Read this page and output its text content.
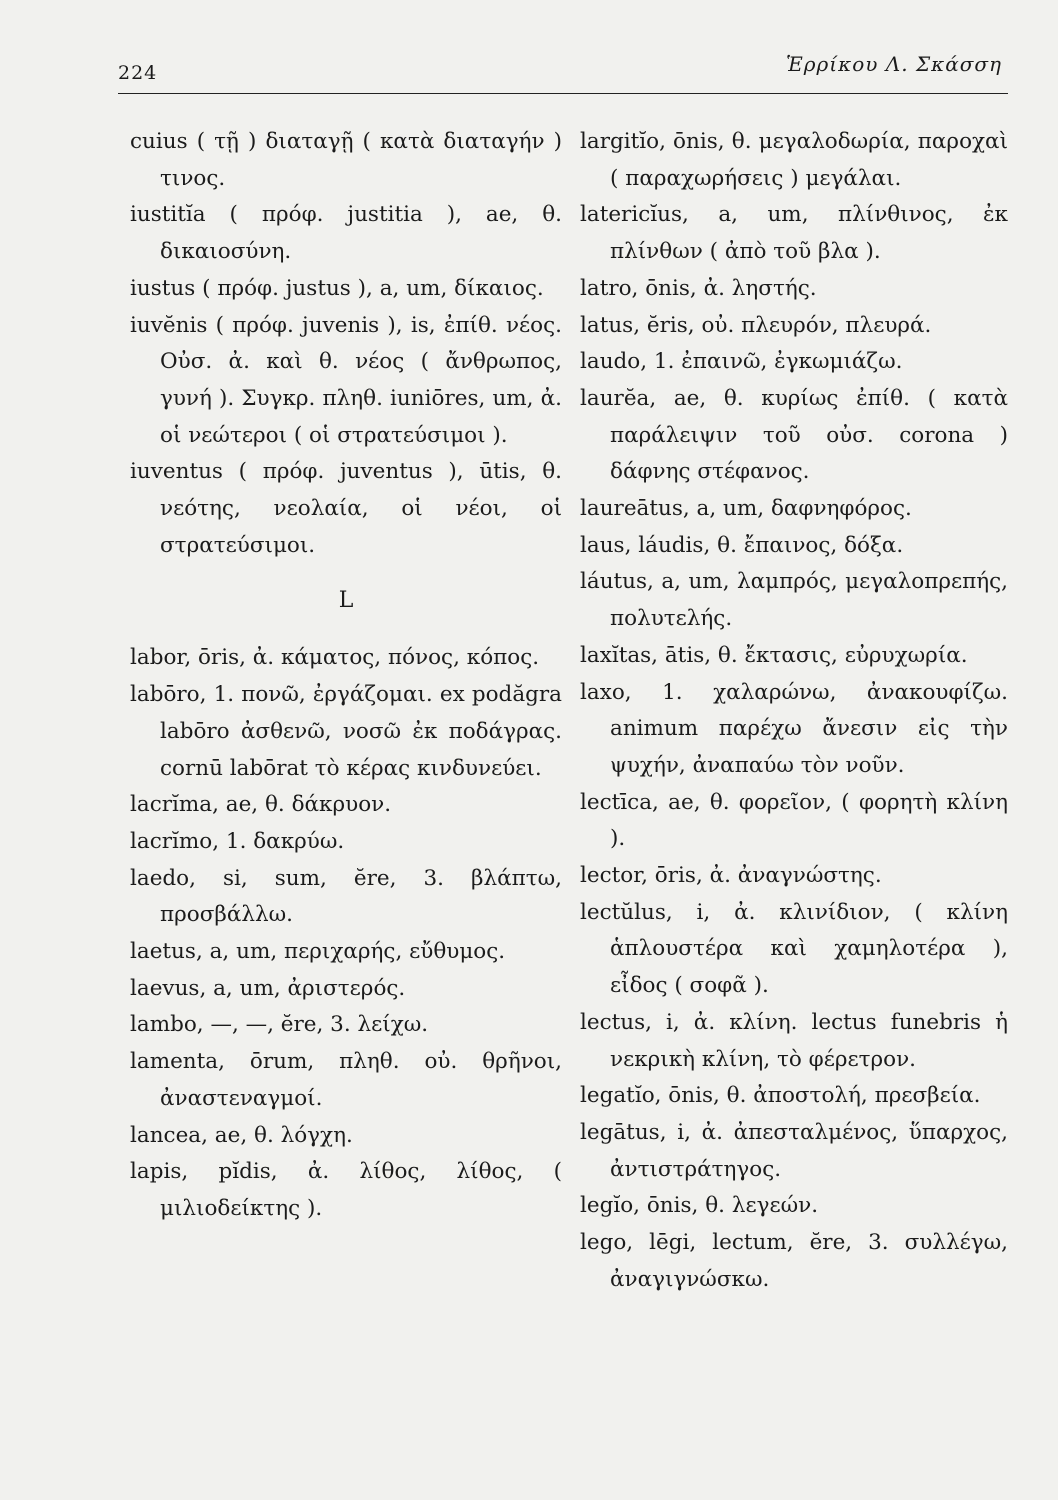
224	Ἑρρίκου Λ. Σκάσση
cuius ( τῇ ) διαταγῇ ( κατὰ διαταγήν ) τινος.
iustitĭa ( πρόφ. justitia ), ae, θ. δικαιοσύνη.
iustus ( πρόφ. justus ), a, um, δίκαιος.
iuvĕnis ( πρόφ. juvenis ), is, ἐπίθ. νέος. Οὐσ. ἀ. καὶ θ. νέος ( ἄνθρωπος, γυνή ). Συγκρ. πληθ. iuniōres, um, ἀ. οἱ νεώτεροι ( οἱ στρατεύσιμοι ).
iuventus ( πρόφ. juventus ), ūtis, θ. νεότης, νεολαία, οἱ νέοι, οἱ στρατεύσιμοι.
L
labor, ōris, ἀ. κάματος, πόνος, κόπος.
labōro, 1. πονῶ, ἐργάζομαι. ex podăgra labōro ἀσθενῶ, νοσῶ ἐκ ποδάγρας. cornū labōrat τὸ κέρας κινδυνεύει.
lacrĭma, ae, θ. δάκρυον.
lacrĭmo, 1. δακρύω.
laedo, si, sum, ĕre, 3. βλάπτω, προσβάλλω.
laetus, a, um, περιχαρής, εὔθυμος.
laevus, a, um, ἀριστερός.
lambo, —, —, ĕre, 3. λείχω.
lamenta, ōrum, πληθ. οὐ. θρῆνοι, ἀναστεναγμοί.
lancea, ae, θ. λόγχη.
lapis, pĭdis, ἀ. λίθος, λίθος, ( μιλιοδείκτης ).
largitĭo, ōnis, θ. μεγαλοδωρία, παροχαὶ ( παραχωρήσεις ) μεγάλαι.
latericĭus, a, um, πλίνθινος, ἐκ πλίνθων ( ἀπὸ τοῦ βλα ).
latro, ōnis, ἀ. ληστής.
latus, ĕris, οὐ. πλευρόν, πλευρά.
laudo, 1. ἐπαινῶ, ἐγκωμιάζω.
laurĕa, ae, θ. κυρίως ἐπίθ. ( κατὰ παράλειψιν τοῦ οὐσ. corona ) δάφνης στέφανος.
laureātus, a, um, δαφνηφόρος.
laus, láudis, θ. ἔπαινος, δόξα.
láutus, a, um, λαμπρός, μεγαλοπρεπής, πολυτελής.
laxĭtas, ātis, θ. ἔκτασις, εὐρυχωρία.
laxo, 1. χαλαρώνω, ἀνακουφίζω. animum παρέχω ἄνεσιν εἰς τὴν ψυχήν, ἀναπαύω τὸν νοῦν.
lectīca, ae, θ. φορεῖον, ( φορητὴ κλίνη ).
lector, ōris, ἀ. ἀναγνώστης.
lectŭlus, i, ἀ. κλινίδιον, ( κλίνη ἁπλουστέρα καὶ χαμηλοτέρα ), εἶδος ( σοφᾶ ).
lectus, i, ἀ. κλίνη. lectus funebris ἡ νεκρικὴ κλίνη, τὸ φέρετρον.
legatĭo, ōnis, θ. ἀποστολή, πρεσβεία.
legātus, i, ἀ. ἀπεσταλμένος, ὕπαρχος, ἀντιστράτηγος.
legĭo, ōnis, θ. λεγεών.
lego, lēgi, lectum, ĕre, 3. συλλέγω, ἀναγιγνώσκω.
